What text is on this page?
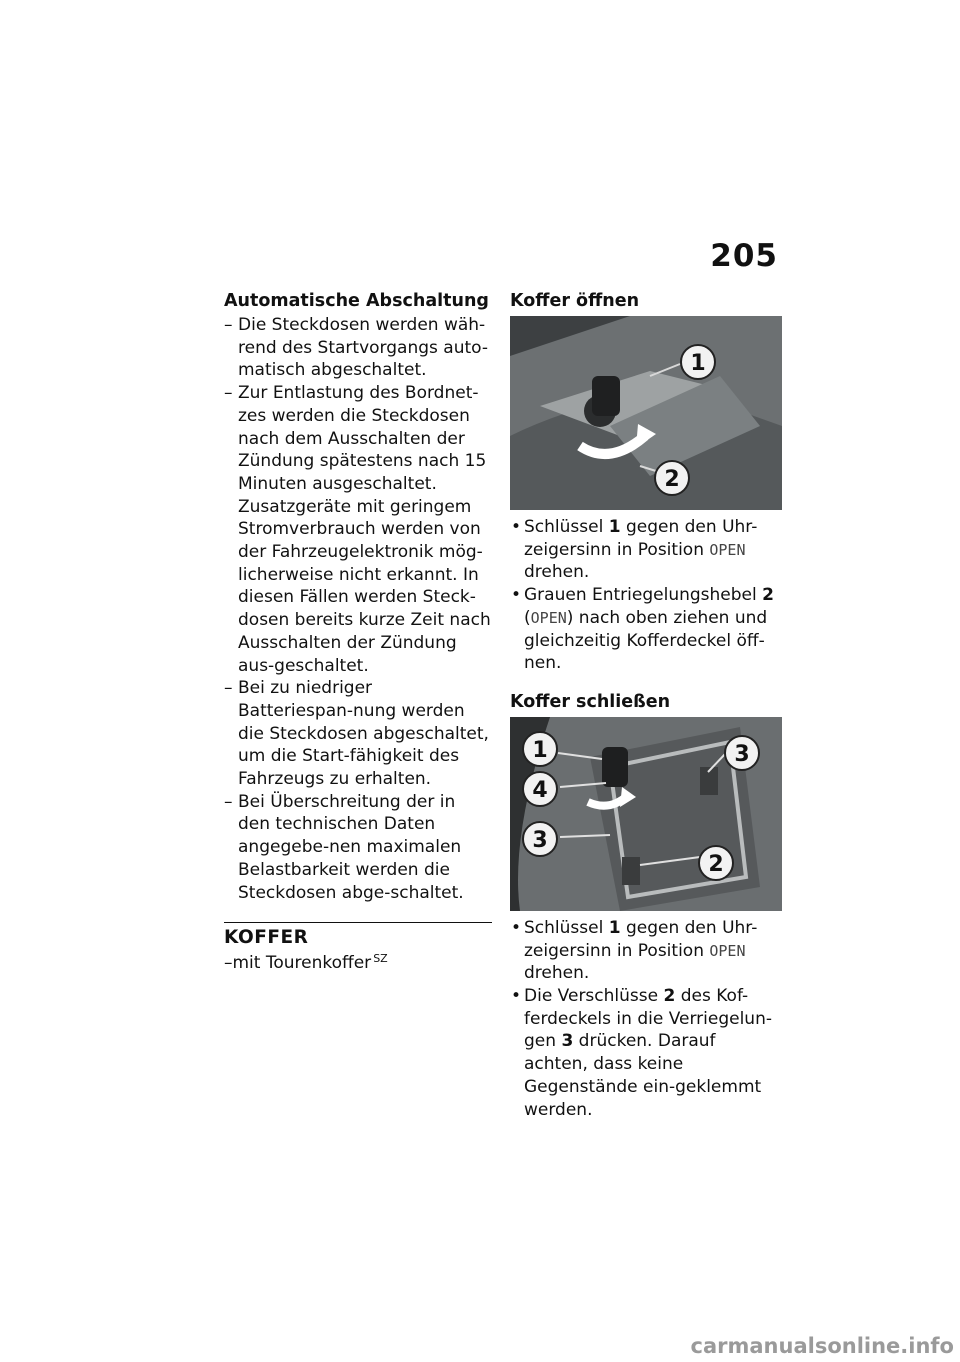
205
Automatische Abschaltung
– Die Steckdosen werden wäh-rend des Startvorgangs auto-matisch abgeschaltet.
– Zur Entlastung des Bordnet-zes werden die Steckdosen nach dem Ausschalten der Zündung spätestens nach 15 Minuten ausgeschaltet. Zusatzgeräte mit geringem Stromverbrauch werden von der Fahrzeugelektronik mög-licherweise nicht erkannt. In diesen Fällen werden Steck-dosen bereits kurze Zeit nach Ausschalten der Zündung aus-geschaltet.
– Bei zu niedriger Batteriespan-nung werden die Steckdosen abgeschaltet, um die Start-fähigkeit des Fahrzeugs zu erhalten.
– Bei Überschreitung der in den technischen Daten angegebe-nen maximalen Belastbarkeit werden die Steckdosen abge-schaltet.
KOFFER
–mit Tourenkoffer $^{SZ}$
Koffer öffnen
1
2
• Schlüssel 1 gegen den Uhr-zeigersinn in Position OPEN drehen.
• Grauen Entriegelungshebel 2 (OPEN) nach oben ziehen und gleichzeitig Kofferdeckel öff-nen.
Koffer schließen
1
4
3
3
2
• Schlüssel 1 gegen den Uhr-zeigersinn in Position OPEN drehen.
• Die Verschlüsse 2 des Kof-ferdeckels in die Verriegelun-gen 3 drücken. Darauf achten, dass keine Gegenstände ein-geklemmt werden.
carmanualsonline.info
